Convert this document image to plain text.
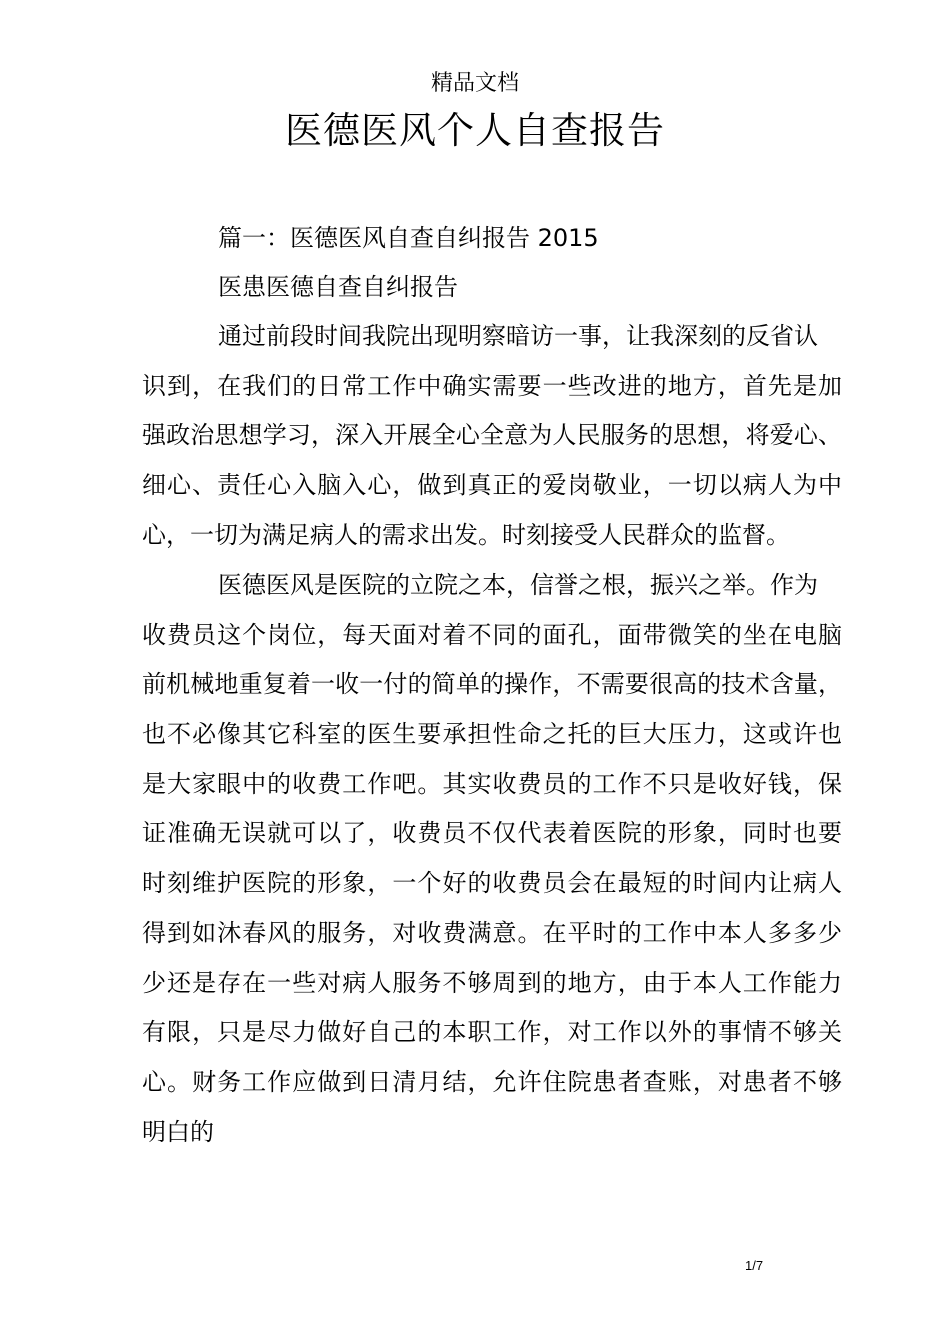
精品文档
医德医风个人自查报告
篇一：医德医风自查自纠报告 2015
医患医德自查自纠报告
通过前段时间我院出现明察暗访一事，让我深刻的反省认
识到，在我们的日常工作中确实需要一些改进的地方，首先是加
强政治思想学习，深入开展全心全意为人民服务的思想，将爱心、
细心、责任心入脑入心，做到真正的爱岗敬业，一切以病人为中
心，一切为满足病人的需求出发。时刻接受人民群众的监督。
医德医风是医院的立院之本，信誉之根，振兴之举。作为
收费员这个岗位，每天面对着不同的面孔，面带微笑的坐在电脑
前机械地重复着一收一付的简单的操作，不需要很高的技术含量，
也不必像其它科室的医生要承担性命之托的巨大压力，这或许也
是大家眼中的收费工作吧。其实收费员的工作不只是收好钱，保
证准确无误就可以了，收费员不仅代表着医院的形象，同时也要
时刻维护医院的形象，一个好的收费员会在最短的时间内让病人
得到如沐春风的服务，对收费满意。在平时的工作中本人多多少
少还是存在一些对病人服务不够周到的地方，由于本人工作能力
有限，只是尽力做好自己的本职工作，对工作以外的事情不够关
心。财务工作应做到日清月结，允许住院患者查账，对患者不够
明白的
1/7
